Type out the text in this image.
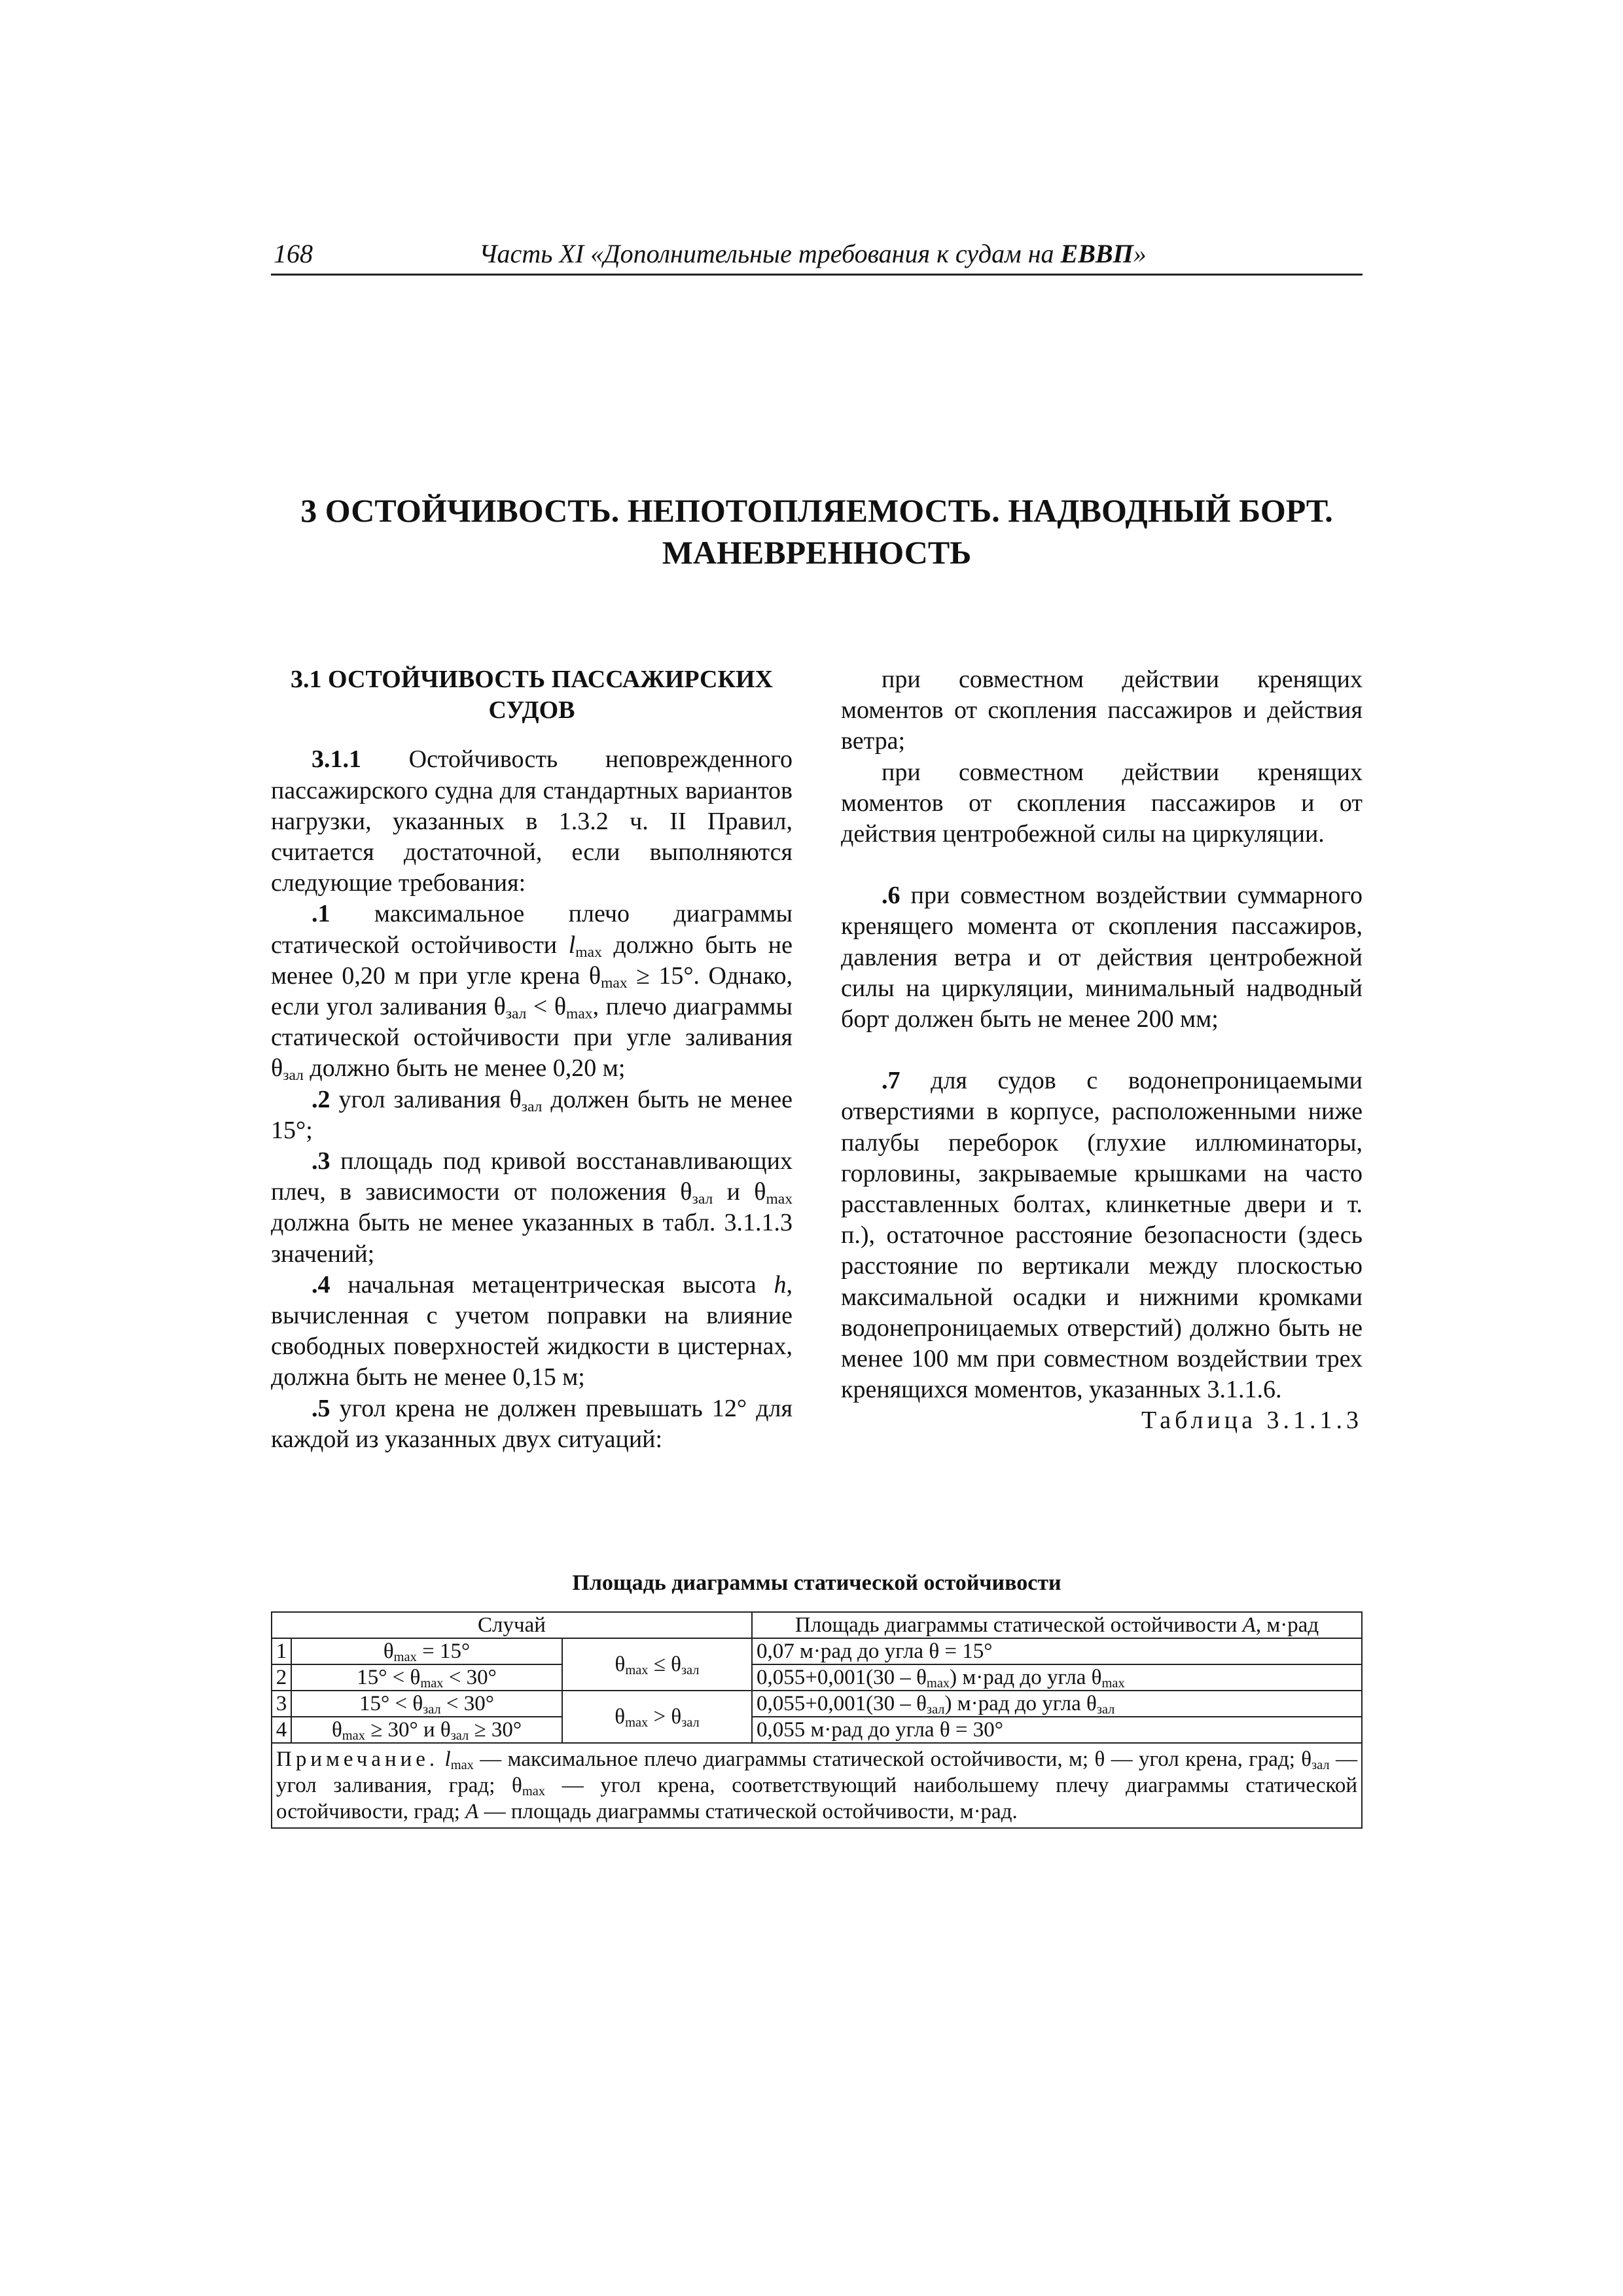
168	Часть XI «Дополнительные требования к судам на ЕВВП»
3 ОСТОЙЧИВОСТЬ. НЕПОТОПЛЯЕМОСТЬ. НАДВОДНЫЙ БОРТ.
МАНЕВРЕННОСТЬ
3.1 ОСТОЙЧИВОСТЬ ПАССАЖИРСКИХ
СУДОВ

3.1.1 Остойчивость неповрежденного пассажирского судна для стандартных вариантов нагрузки, указанных в 1.3.2 ч. II Правил, считается достаточной, если выполняются следующие требования:

.1 максимальное плечо диаграммы статической остойчивости $l_{max}$ должно быть не менее 0,20 м при угле крена $\theta_{max} \ge 15^\circ$. Однако, если угол заливания $\theta_{зал} < \theta_{max}$, плечо диаграммы статической остойчивости при угле заливания $\theta_{зал}$ должно быть не менее 0,20 м;

.2 угол заливания $\theta_{зал}$ должен быть не менее 15°;

.3 площадь под кривой восстанавливающих плеч, в зависимости от положения $\theta_{зал}$ и $\theta_{max}$ должна быть не менее указанных в табл. 3.1.1.3 значений;

.4 начальная метацентрическая высота h, вычисленная с учетом поправки на влияние свободных поверхностей жидкости в цистернах, должна быть не менее 0,15 м;

.5 угол крена не должен превышать 12° для каждой из указанных двух ситуаций:

при совместном действии кренящих моментов от скопления пассажиров и действия ветра;

при совместном действии кренящих моментов от скопления пассажиров и от действия центробежной силы на циркуляции.

.6 при совместном воздействии суммарного кренящего момента от скопления пассажиров, давления ветра и от действия центробежной силы на циркуляции, минимальный надводный борт должен быть не менее 200 мм;

.7 для судов с водонепроницаемыми отверстиями в корпусе, расположенными ниже палубы переборок (глухие иллюминаторы, горловины, закрываемые крышками на часто расставленных болтах, клинкетные двери и т. п.), остаточное расстояние безопасности (здесь расстояние по вертикали между плоскостью максимальной осадки и нижними кромками водонепроницаемых отверстий) должно быть не менее 100 мм при совместном воздействии трех кренящихся моментов, указанных 3.1.1.6.

Таблица 3.1.1.3

Площадь диаграммы статической остойчивости
Случай			Площадь диаграммы статической остойчивости A, м·рад
1	$\theta_{max} = 15^\circ$	$\theta_{max} \le \theta_{зал}$	0,07 м·рад до угла θ = 15°
2	$15^\circ < \theta_{max} < 30^\circ$		$0,055+0,001(30 - \theta_{max})$ м·рад до угла $\theta_{max}$
3	$15^\circ < \theta_{зал} < 30^\circ$	$\theta_{max} > \theta_{зал}$	$0,055+0,001(30 - \theta_{зал})$ м·рад до угла $\theta_{зал}$
4	$\theta_{max} \ge 30^\circ$ и $\theta_{зал} \ge 30^\circ$		0,055 м·рад до угла θ = 30°
Примечание. $l_{max}$ — максимальное плечо диаграммы статической остойчивости, м; θ — угол крена, град; $\theta_{зал}$ — угол заливания, град; $\theta_{max}$ — угол крена, соответствующий наибольшему плечу диаграммы статической остойчивости, град; A — площадь диаграммы статической остойчивости, м·рад.			
